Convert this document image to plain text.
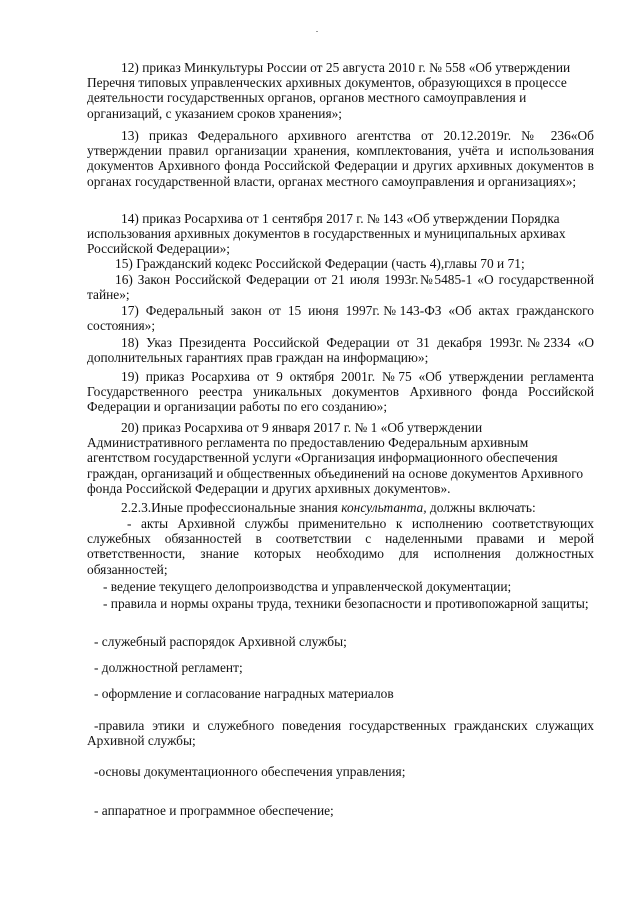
12) приказ Минкультуры России от 25 августа 2010 г. № 558 «Об утверждении Перечня типовых управленческих архивных документов, образующихся в процессе деятельности государственных органов, органов местного самоуправления и организаций, с указанием сроков хранения»;

13) приказ Федерального архивного агентства от 20.12.2019г. № 236«Об утверждении правил организации хранения, комплектования, учёта и использования документов Архивного фонда Российской Федерации и других архивных документов в органах государственной власти, органах местного самоуправления и организациях»;

14) приказ Росархива от 1 сентября 2017 г. № 143 «Об утверждении Порядка использования архивных документов в государственных и муниципальных архивах Российской Федерации»;

15) Гражданский кодекс Российской Федерации (часть 4),главы 70 и 71;

16) Закон Российской Федерации от 21 июля 1993г.№5485-1 «О государственной тайне»;

17) Федеральный закон от 15 июня 1997г.№143-ФЗ «Об актах гражданского состояния»;

18) Указ Президента Российской Федерации от 31 декабря 1993г.№2334 «О дополнительных гарантиях прав граждан на информацию»;

19) приказ Росархива от 9 октября 2001г. №75 «Об утверждении регламента Государственного реестра уникальных документов Архивного фонда Российской Федерации и организации работы по его созданию»;

20) приказ Росархива от 9 января 2017 г. № 1 «Об утверждении Административного регламента по предоставлению Федеральным архивным агентством государственной услуги «Организация информационного обеспечения граждан, организаций и общественных объединений на основе документов Архивного фонда Российской Федерации и других архивных документов».

2.2.3.Иные профессиональные знания консультанта, должны включать:

- акты Архивной службы применительно к исполнению соответствующих служебных обязанностей в соответствии с наделенными правами и мерой ответственности, знание которых необходимо для исполнения должностных обязанностей;

- ведение текущего делопроизводства и управленческой документации;

- правила и нормы охраны труда, техники безопасности и противопожарной защиты;

- служебный распорядок Архивной службы;

- должностной регламент;

- оформление и согласование наградных материалов

-правила этики и служебного поведения государственных гражданских служащих Архивной службы;

-основы документационного обеспечения управления;

- аппаратное и программное обеспечение;
